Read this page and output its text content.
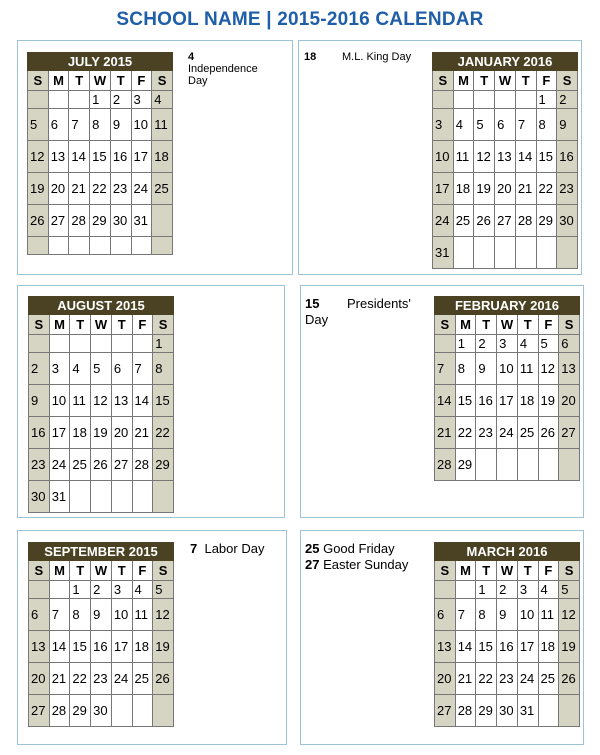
SCHOOL NAME | 2015-2016 CALENDAR
JULY 2015						
S	M	T	W	T	F	S
			1	2	3	4
5	6	7	8	9	10	11
12	13	14	15	16	17	18
19	20	21	22	23	24	25
26	27	28	29	30	31	

JANUARY 2016						
S	M	T	W	T	F	S
					1	2
3	4	5	6	7	8	9
10	11	12	13	14	15	16
17	18	19	20	21	22	23
24	25	26	27	28	29	30
31						
AUGUST 2015						
S	M	T	W	T	F	S
						1
2	3	4	5	6	7	8
9	10	11	12	13	14	15
16	17	18	19	20	21	22
23	24	25	26	27	28	29
30	31					
FEBRUARY 2016						
S	M	T	W	T	F	S
	1	2	3	4	5	6
7	8	9	10	11	12	13
14	15	16	17	18	19	20
21	22	23	24	25	26	27
28	29					
SEPTEMBER 2015						
S	M	T	W	T	F	S
		1	2	3	4	5
6	7	8	9	10	11	12
13	14	15	16	17	18	19
20	21	22	23	24	25	26
27	28	29	30			
MARCH 2016						
S	M	T	W	T	F	S
		1	2	3	4	5
6	7	8	9	10	11	12
13	14	15	16	17	18	19
20	21	22	23	24	25	26
27	28	29	30	31		
4
Independence Day
18 M.L. King Day
15 Presidents' Day
7 Labor Day	25 Good Friday
27 Easter Sunday
